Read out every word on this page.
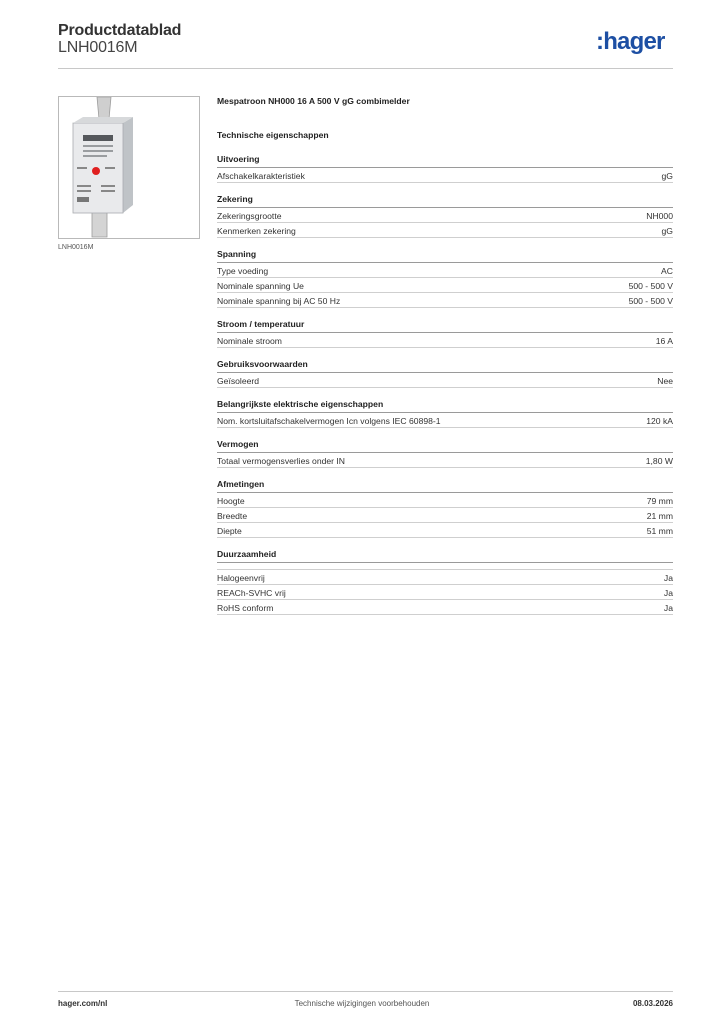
Productdatablad
LNH0016M	:hager
LNH0016M
Mespatroon NH000 16 A 500 V gG combimelder
Technische eigenschappen
Uitvoering
Afschakelkarakteristiek	gG
Zekering
Zekeringsgrootte	NH000
Kenmerken zekering	gG
Spanning
Type voeding	AC
Nominale spanning Ue	500 - 500 V
Nominale spanning bij AC 50 Hz	500 - 500 V
Stroom / temperatuur
Nominale stroom	16 A
Gebruiksvoorwaarden
Geïsoleerd	Nee
Belangrijkste elektrische eigenschappen
Nom. kortsluitafschakelvermogen Icn volgens IEC 60898-1	120 kA
Vermogen
Totaal vermogensverlies onder IN	1,80 W
Afmetingen
Hoogte	79 mm
Breedte	21 mm
Diepte	51 mm
Duurzaamheid
Halogeenvrij	Ja
REACh-SVHC vrij	Ja
RoHS conform	Ja
hager.com/nl	Technische wijzigingen voorbehouden	08.03.2026
